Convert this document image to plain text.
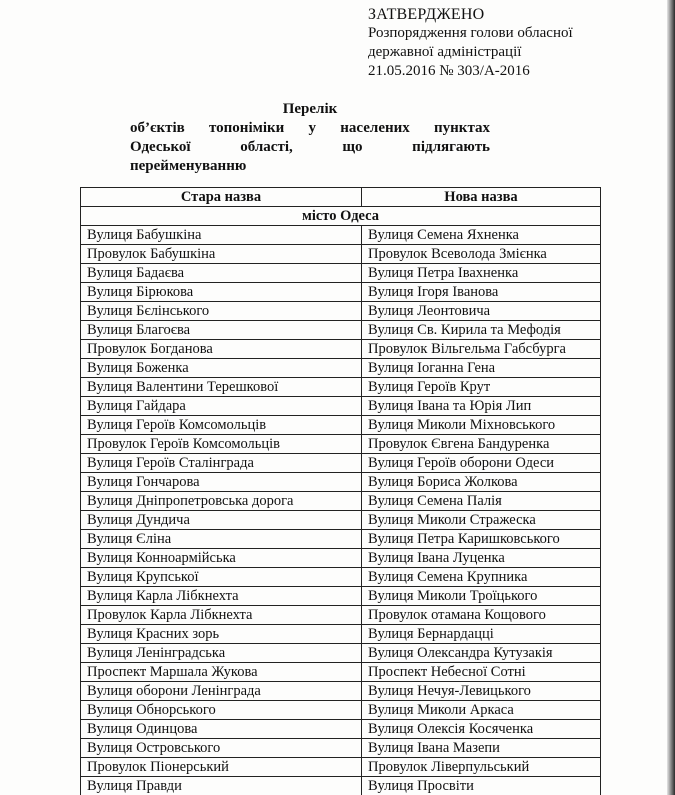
ЗАТВЕРДЖЕНО
Розпорядження голови обласної
державної адміністрації
21.05.2016 № 303/А-2016
Перелік
об’єктів топоніміки у населених пунктах
Одеської області, що підлягають
перейменуванню
Стара назва	Нова назва
місто Одеса	
Вулиця Бабушкіна	Вулиця Семена Яхненка
Провулок Бабушкіна	Провулок Всеволода Змієнка
Вулиця Бадаєва	Вулиця Петра Івахненка
Вулиця Бірюкова	Вулиця Ігоря Іванова
Вулиця Бєлінського	Вулиця Леонтовича
Вулиця Благоєва	Вулиця Св. Кирила та Мефодія
Провулок Богданова	Провулок Вільгельма Габсбурга
Вулиця Боженка	Вулиця Іоганна Гена
Вулиця Валентини Терешкової	Вулиця Героїв Крут
Вулиця Гайдара	Вулиця Івана та Юрія Лип
Вулиця Героїв Комсомольців	Вулиця Миколи Міхновського
Провулок Героїв Комсомольців	Провулок Євгена Бандуренка
Вулиця Героїв Сталінграда	Вулиця Героїв оборони Одеси
Вулиця Гончарова	Вулиця Бориса Жолкова
Вулиця Дніпропетровська дорога	Вулиця Семена Палія
Вулиця Дундича	Вулиця Миколи Стражеска
Вулиця Єліна	Вулиця Петра Каришковського
Вулиця Конноармійська	Вулиця Івана Луценка
Вулиця Крупської	Вулиця Семена Крупника
Вулиця Карла Лібкнехта	Вулиця Миколи Троїцького
Провулок Карла Лібкнехта	Провулок отамана Кощового
Вулиця Красних зорь	Вулиця Бернардацці
Вулиця Ленінградська	Вулиця Олександра Кутузакія
Проспект Маршала Жукова	Проспект Небесної Сотні
Вулиця оборони Ленінграда	Вулиця Нечуя-Левицького
Вулиця Обнорського	Вулиця Миколи Аркаса
Вулиця Одинцова	Вулиця Олексія Косяченка
Вулиця Островського	Вулиця Івана Мазепи
Провулок Піонерський	Провулок Ліверпульський
Вулиця Правди	Вулиця Просвіти
